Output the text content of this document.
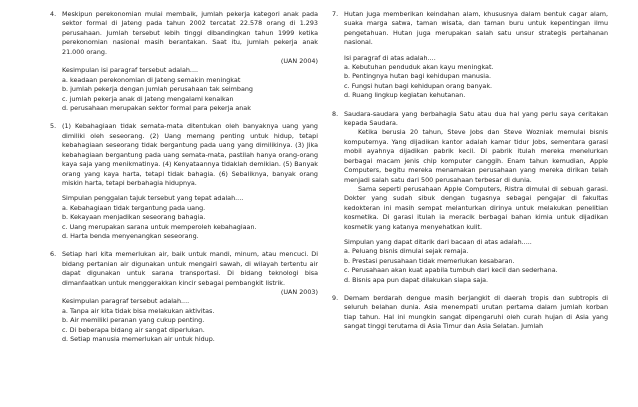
4. Meskipun perekonomian mulai membaik, jumlah pekerja kategori anak pada sektor formal di Jateng pada tahun 2002 tercatat 22.578 orang di 1.293 perusahaan. Jumlah tersebut lebih tinggi dibandingkan tahun 1999 ketika perekonomian nasional masih berantakan. Saat itu, jumlah pekerja anak 21.000 orang.

(UAN 2004)

Kesimpulan isi paragraf tersebut adalah....

a. keadaan perekonomian di Jateng semakin meningkat
b. jumlah pekerja dengan jumlah perusahaan tak seimbang
c. jumlah pekerja anak di Jateng mengalami kenaikan
d. perusahaan merupakan sektor formal para pekerja anak
5. (1) Kebahagiaan tidak semata-mata ditentukan oleh banyaknya uang yang dimiliki oleh seseorang. (2) Uang memang penting untuk hidup, tetapi kebahagiaan seseorang tidak bergantung pada uang yang dimilikinya. (3) Jika kebahagiaan bergantung pada uang semata-mata, pastilah hanya orang-orang kaya saja yang menikmatinya. (4) Kenyataannya tidaklah demikian. (5) Banyak orang yang kaya harta, tetapi tidak bahagia. (6) Sebaliknya, banyak orang miskin harta, tetapi berbahagia hidupnya.

Simpulan penggalan tajuk tersebut yang tepat adalah....

a. Kebahagiaan tidak tergantung pada uang.
b. Kekayaan menjadikan seseorang bahagia.
c. Uang merupakan sarana untuk memperoleh kebahagiaan.
d. Harta benda menyenangkan seseorang.
6. Setiap hari kita memerlukan air, baik untuk mandi, minum, atau mencuci. Di bidang pertanian air digunakan untuk mengairi sawah, di wilayah tertentu air dapat digunakan untuk sarana transportasi. Di bidang teknologi bisa dimanfaatkan untuk menggerakkan kincir sebagai pembangkit listrik.

(UAN 2003)

Kesimpulan paragraf tersebut adalah....

a. Tanpa air kita tidak bisa melakukan aktivitas.
b. Air memiliki peranan yang cukup penting.
c. Di beberapa bidang air sangat diperlukan.
d. Setiap manusia memerlukan air untuk hidup.
7. Hutan juga memberikan keindahan alam, khususnya dalam bentuk cagar alam, suaka marga satwa, taman wisata, dan taman buru untuk kepentingan ilmu pengetahuan. Hutan juga merupakan salah satu unsur strategis pertahanan nasional.

Isi paragraf di atas adalah....

a. Kebutuhan penduduk akan kayu meningkat.
b. Pentingnya hutan bagi kehidupan manusia.
c. Fungsi hutan bagi kehidupan orang banyak.
d. Ruang lingkup kegiatan kehutanan.
8. Saudara-saudara yang berbahagia Satu atau dua hal yang perlu saya ceritakan kepada Saudara.

Ketika berusia 20 tahun, Steve Jobs dan Steve Wozniak memulai bisnis komputernya. Yang dijadikan kantor adalah kamar tidur Jobs, sementara garasi mobil ayahnya dijadikan pabrik kecil. Di pabrik itulah mereka menelurkan berbagai macam jenis chip komputer canggih. Enam tahun kemudian, Apple Computers, begitu mereka menamakan perusahaan yang mereka dirikan telah menjadi salah satu dari 500 perusahaan terbesar di dunia.

Sama seperti perusahaan Apple Computers, Ristra dimulai di sebuah garasi. Dokter yang sudah sibuk dengan tugasnya sebagai pengajar di fakultas kedokteran ini masih sempat melanturkan dirinya untuk melakukan penelitian kosmetika. Di garasi itulah ia meracik berbagai bahan kimia untuk dijadikan kosmetik yang katanya menyehatkan kulit.

Simpulan yang dapat ditarik dari bacaan di atas adalah.....

a. Peluang bisnis dimulai sejak remaja.
b. Prestasi perusahaan tidak memerlukan kesabaran.
c. Perusahaan akan kuat apabila tumbuh dari kecil dan sederhana.
d. Bisnis apa pun dapat dilakukan siapa saja.
9. Demam berdarah dengue masih berjangkit di daerah tropis dan subtropis di seluruh belahan dunia. Asia menempati urutan pertama dalam jumlah korban tiap tahun. Hal ini mungkin sangat dipengaruhi oleh curah hujan di Asia yang sangat tinggi terutama di Asia Timur dan Asia Selatan. Jumlah
